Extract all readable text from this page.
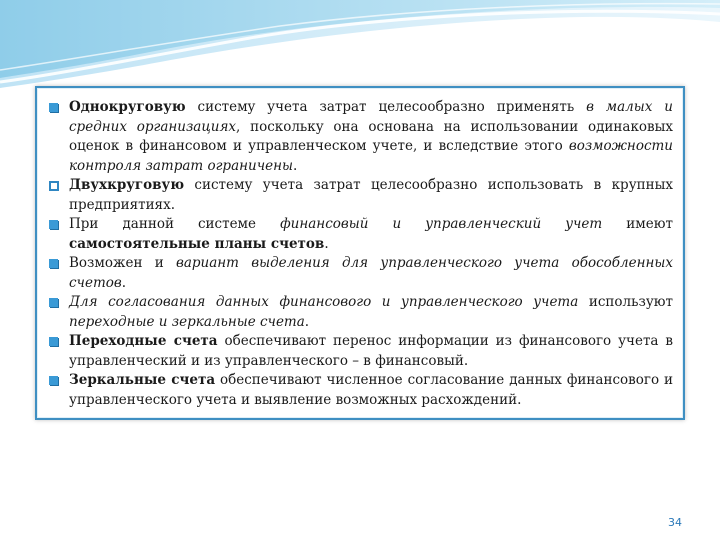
Однокруговую системy учета затрат целесообразно применять в малых и средних организациях, поскольку она основана на использовании одинаковых оценок в финансовом и управленческом учете, и вследствие этого возможности контроля затрат ограничены.
Двухкруговую систему учета затрат целесообразно использовать в крупных предприятиях.
При данной системе финансовый и управленческий учет имеют самостоятельные планы счетов.
Возможен и вариант выделения для управленческого учета обособленных счетов.
Для согласования данных финансового и управленческого учета используют переходные и зеркальные счета.
Переходные счета обеспечивают перенос информации из финансового учета в управленческий и из управленческого – в финансовый.
Зеркальные счета обеспечивают численное согласование данных финансового и управленческого учета и выявление возможных расхождений.
34
